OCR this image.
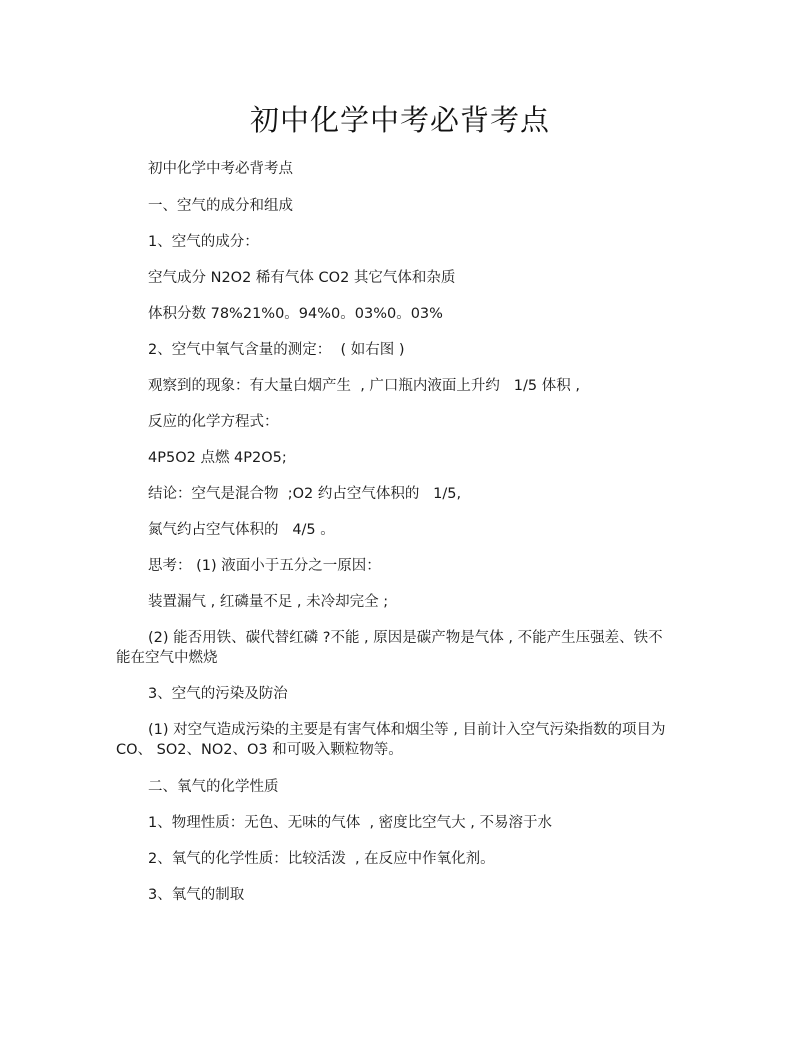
初中化学中考必背考点
初中化学中考必背考点
一、空气的成分和组成
1、空气的成分：
空气成分 N2O2 稀有气体 CO2 其它气体和杂质
体积分数 78%21%0。94%0。03%0。03%
2、空气中氧气含量的测定：  ( 如右图 )
观察到的现象：有大量白烟产生  , 广口瓶内液面上升约   1/5 体积 ,
反应的化学方程式：
4P5O2 点燃 4P2O5;
结论：空气是混合物  ;O2 约占空气体积的   1/5,
氮气约占空气体积的   4/5 。
思考： (1) 液面小于五分之一原因：
装置漏气 , 红磷量不足 , 未冷却完全 ;
(2) 能否用铁、碳代替红磷 ?不能 , 原因是碳产物是气体 , 不能产生压强差、铁不能在空气中燃烧
3、空气的污染及防治
(1) 对空气造成污染的主要是有害气体和烟尘等 , 目前计入空气污染指数的项目为 CO、 SO2、NO2、O3 和可吸入颗粒物等。
二、氧气的化学性质
1、物理性质：无色、无味的气体  , 密度比空气大 , 不易溶于水
2、氧气的化学性质：比较活泼  , 在反应中作氧化剂。
3、氧气的制取
